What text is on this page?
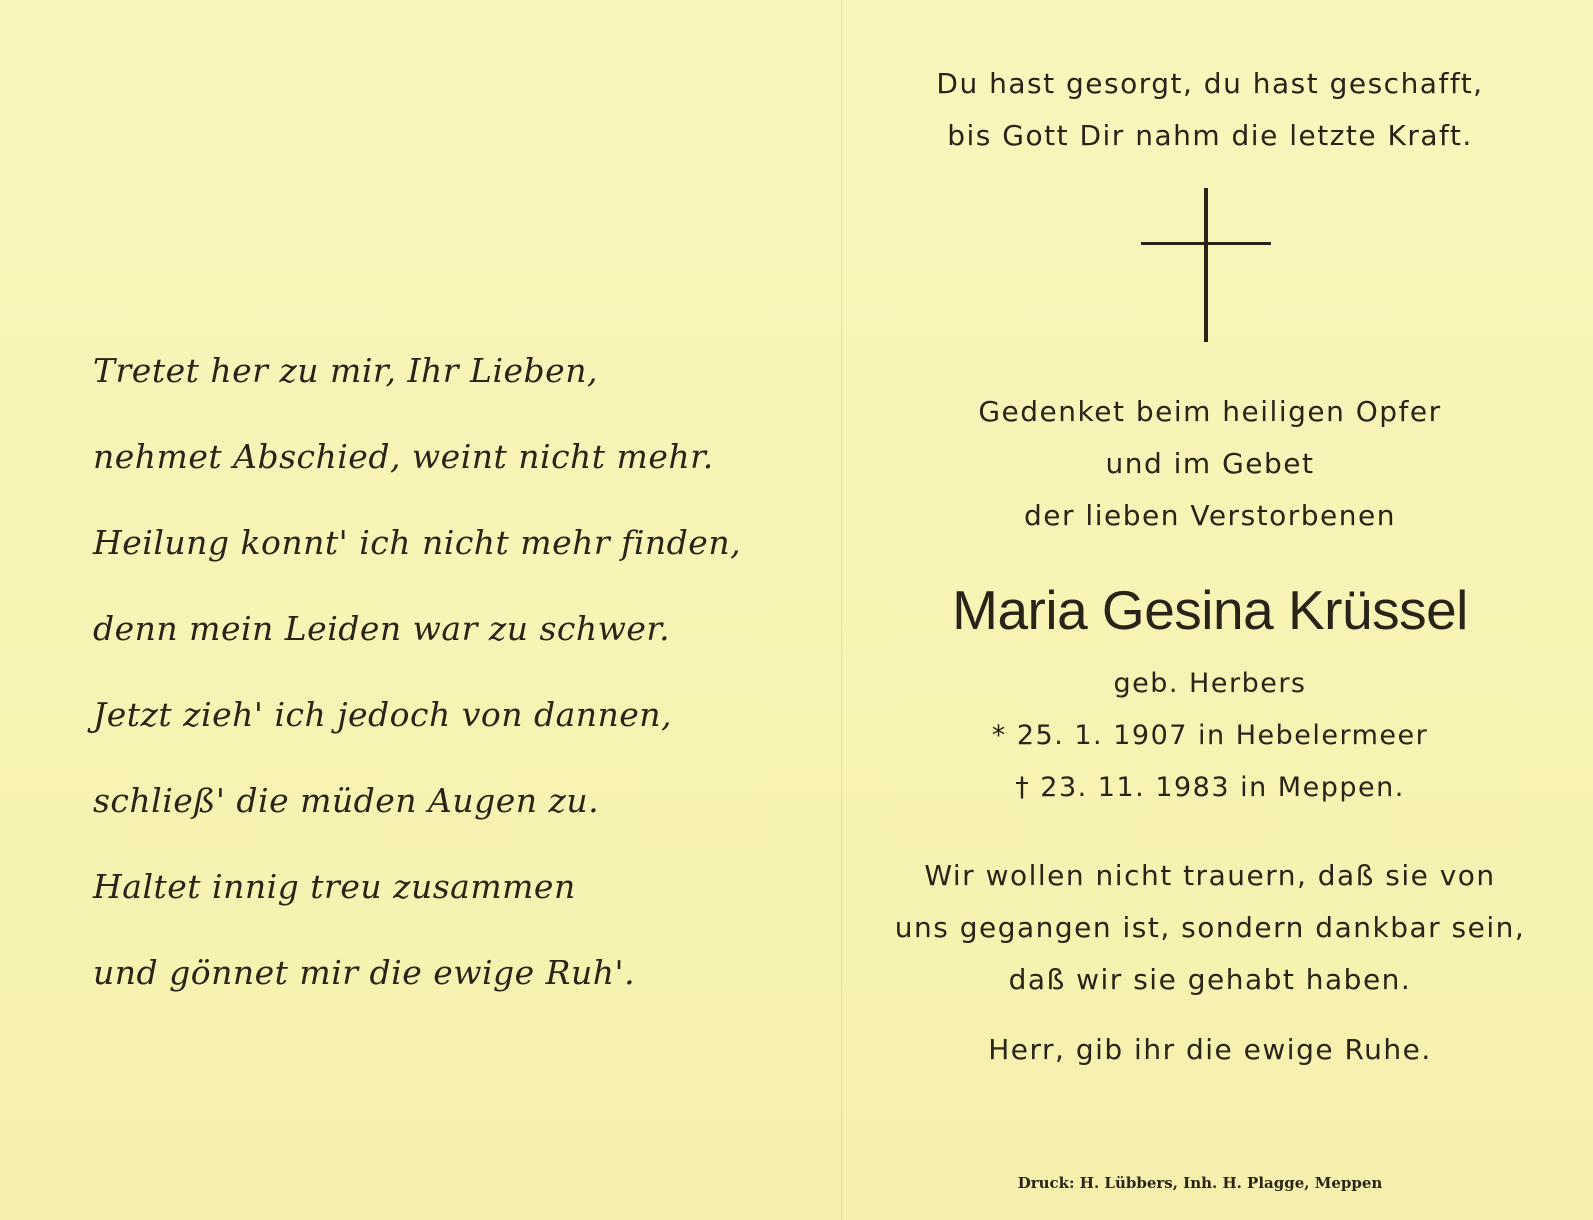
Tretet her zu mir, Ihr Lieben,
nehmet Abschied, weint nicht mehr.
Heilung konnt' ich nicht mehr finden,
denn mein Leiden war zu schwer.
Jetzt zieh' ich jedoch von dannen,
schließ' die müden Augen zu.
Haltet innig treu zusammen
und gönnet mir die ewige Ruh'.
Du hast gesorgt, du hast geschafft,
bis Gott Dir nahm die letzte Kraft.
Gedenket beim heiligen Opfer
und im Gebet
der lieben Verstorbenen
Maria Gesina Krüssel
geb. Herbers
* 25. 1. 1907 in Hebelermeer
† 23. 11. 1983 in Meppen.
Wir wollen nicht trauern, daß sie von
uns gegangen ist, sondern dankbar sein,
daß wir sie gehabt haben.
Herr, gib ihr die ewige Ruhe.
Druck: H. Lübbers, Inh. H. Plagge, Meppen
